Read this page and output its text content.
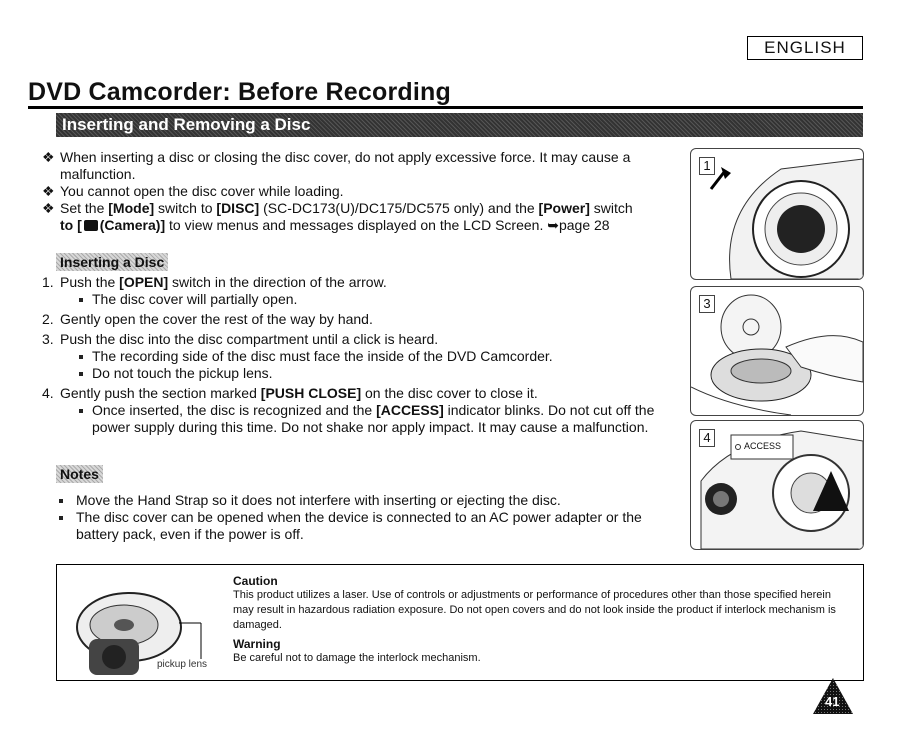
ENGLISH
DVD Camcorder: Before Recording
Inserting and Removing a Disc
❖ When inserting a disc or closing the disc cover, do not apply excessive force. It may cause a malfunction.
❖ You cannot open the disc cover while loading.
❖ Set the [Mode] switch to [DISC] (SC-DC173(U)/DC175/DC575 only) and the [Power] switch
to [ (Camera)] to view menus and messages displayed on the LCD Screen. ➥page 28
Inserting a Disc
1. Push the [OPEN] switch in the direction of the arrow.
The disc cover will partially open.
2. Gently open the cover the rest of the way by hand.
3. Push the disc into the disc compartment until a click is heard.
The recording side of the disc must face the inside of the DVD Camcorder.
Do not touch the pickup lens.
4. Gently push the section marked [PUSH CLOSE] on the disc cover to close it.
Once inserted, the disc is recognized and the [ACCESS] indicator blinks. Do not cut off the power supply during this time. Do not shake nor apply impact. It may cause a malfunction.
Notes
Move the Hand Strap so it does not interfere with inserting or ejecting the disc.
The disc cover can be opened when the device is connected to an AC power adapter or the battery pack, even if the power is off.
1
3
4
ACCESS
pickup lens
Caution
This product utilizes a laser. Use of controls or adjustments or performance of procedures other than those specified herein may result in hazardous radiation exposure. Do not open covers and do not look inside the product if interlock mechanism is damaged.
Warning
Be careful not to damage the interlock mechanism.
41
